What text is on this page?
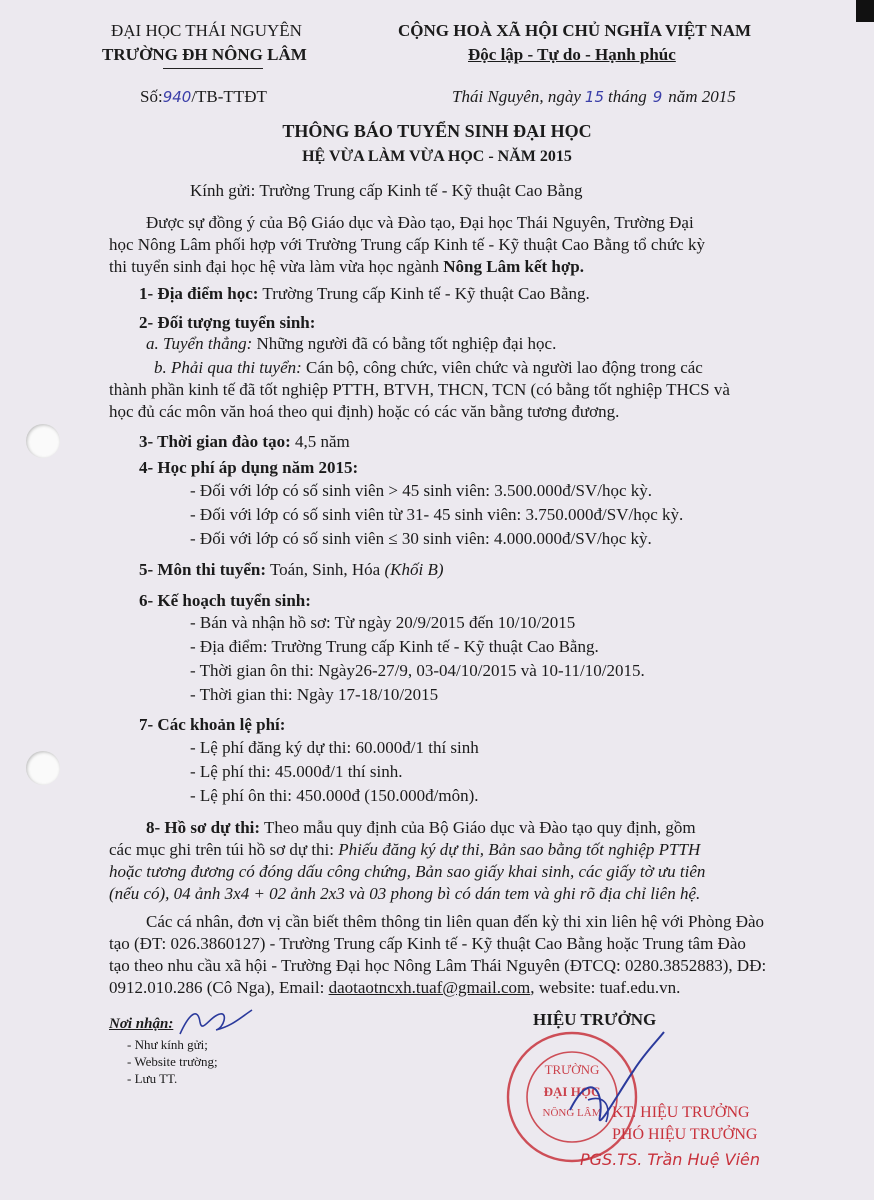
ĐẠI HỌC THÁI NGUYÊN
TRƯỜNG ĐH NÔNG LÂM
CỘNG HOÀ XÃ HỘI CHỦ NGHĨA VIỆT NAM
Độc lập - Tự do - Hạnh phúc
Số:940/TB-TTĐT	Thái Nguyên, ngày 15 tháng 9 năm 2015
THÔNG BÁO TUYỂN SINH ĐẠI HỌC
HỆ VỪA LÀM VỪA HỌC - NĂM 2015
Kính gửi: Trường Trung cấp Kinh tế - Kỹ thuật Cao Bằng
Được sự đồng ý của Bộ Giáo dục và Đào tạo, Đại học Thái Nguyên, Trường Đại
học Nông Lâm phối hợp với Trường Trung cấp Kinh tế - Kỹ thuật Cao Bằng tổ chức kỳ
thi tuyển sinh đại học hệ vừa làm vừa học ngành Nông Lâm kết hợp.
1- Địa điểm học: Trường Trung cấp Kinh tế - Kỹ thuật Cao Bằng.
2- Đối tượng tuyển sinh:
a. Tuyển thẳng: Những người đã có bằng tốt nghiệp đại học.
b. Phải qua thi tuyển: Cán bộ, công chức, viên chức và người lao động trong các
thành phần kinh tế đã tốt nghiệp PTTH, BTVH, THCN, TCN (có bằng tốt nghiệp THCS và
học đủ các môn văn hoá theo qui định) hoặc có các văn bằng tương đương.
3- Thời gian đào tạo: 4,5 năm
4- Học phí áp dụng năm 2015:
- Đối với lớp có số sinh viên > 45 sinh viên: 3.500.000đ/SV/học kỳ.
- Đối với lớp có số sinh viên từ 31- 45 sinh viên: 3.750.000đ/SV/học kỳ.
- Đối với lớp có số sinh viên ≤ 30 sinh viên: 4.000.000đ/SV/học kỳ.
5- Môn thi tuyển: Toán, Sinh, Hóa (Khối B)
6- Kế hoạch tuyển sinh:
- Bán và nhận hồ sơ: Từ ngày 20/9/2015 đến 10/10/2015
- Địa điểm: Trường Trung cấp Kinh tế - Kỹ thuật Cao Bằng.
- Thời gian ôn thi: Ngày26-27/9, 03-04/10/2015 và 10-11/10/2015.
- Thời gian thi: Ngày 17-18/10/2015
7- Các khoản lệ phí:
- Lệ phí đăng ký dự thi: 60.000đ/1 thí sinh
- Lệ phí thi: 45.000đ/1 thí sinh.
- Lệ phí ôn thi: 450.000đ (150.000đ/môn).
8- Hồ sơ dự thi: Theo mẫu quy định của Bộ Giáo dục và Đào tạo quy định, gồm
các mục ghi trên túi hồ sơ dự thi: Phiếu đăng ký dự thi, Bản sao bằng tốt nghiệp PTTH
hoặc tương đương có đóng dấu công chứng, Bản sao giấy khai sinh, các giấy tờ ưu tiên
(nếu có), 04 ảnh 3x4 + 02 ảnh 2x3 và 03 phong bì có dán tem và ghi rõ địa chỉ liên hệ.
Các cá nhân, đơn vị cần biết thêm thông tin liên quan đến kỳ thi xin liên hệ với Phòng Đào
tạo (ĐT: 026.3860127) - Trường Trung cấp Kinh tế - Kỹ thuật Cao Bằng hoặc Trung tâm Đào
tạo theo nhu cầu xã hội - Trường Đại học Nông Lâm Thái Nguyên (ĐTCQ: 0280.3852883), DĐ:
0912.010.286 (Cô Nga), Email: daotaotncxh.tuaf@gmail.com, website: tuaf.edu.vn.
Nơi nhận:
- Như kính gửi;
- Website trường;
- Lưu TT.
HIỆU TRƯỞNG
TRƯỜNG
ĐẠI HỌC
NÔNG LÂM KT. HIỆU TRƯỞNG
PHÓ HIỆU TRƯỞNG
PGS.TS. Trần Huệ Viên
